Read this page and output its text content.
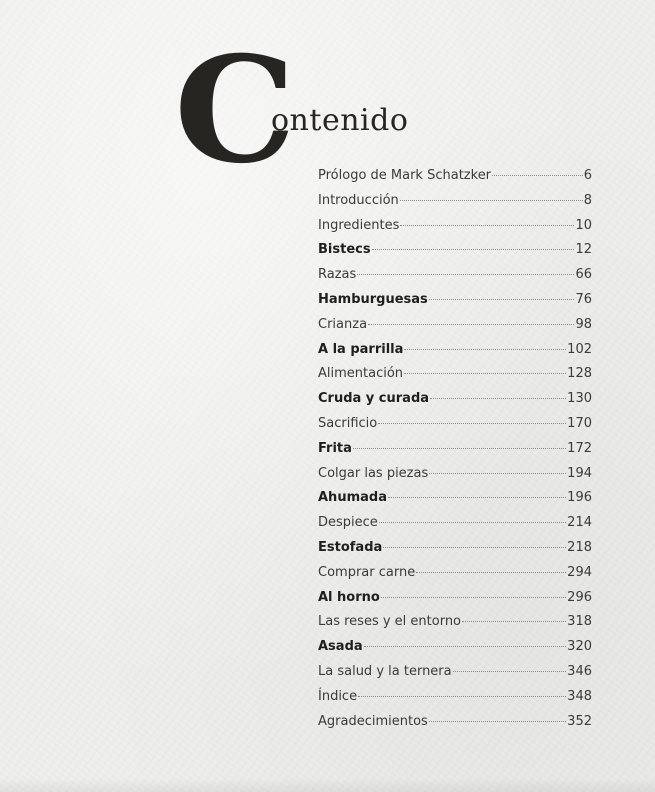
C
ontenido
Prólogo de Mark Schatzker	6
Introducción	8
Ingredientes	10
Bistecs	12
Razas	66
Hamburguesas	76
Crianza	98
A la parrilla	102
Alimentación	128
Cruda y curada	130
Sacrificio	170
Frita	172
Colgar las piezas	194
Ahumada	196
Despiece	214
Estofada	218
Comprar carne	294
Al horno	296
Las reses y el entorno	318
Asada	320
La salud y la ternera	346
Índice	348
Agradecimientos	352
